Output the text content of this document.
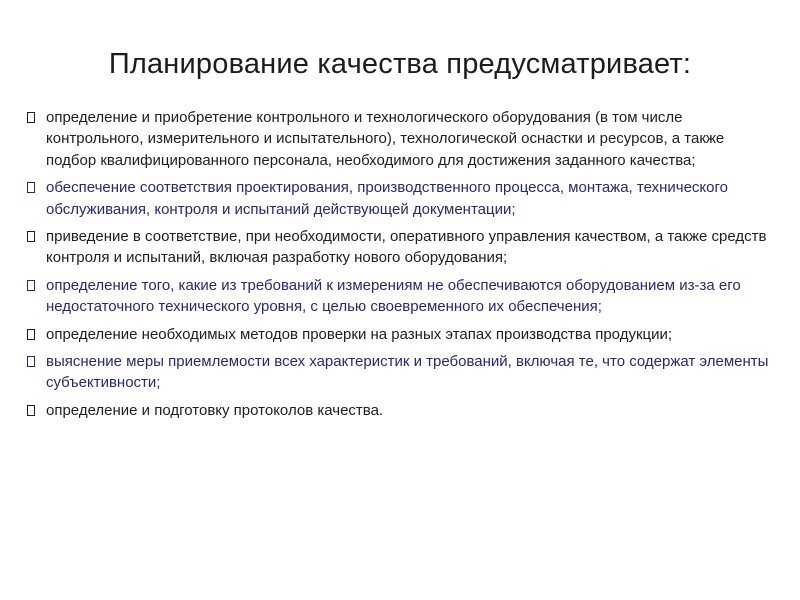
Планирование качества предусматривает:
определение и приобретение контрольного и технологического оборудования (в том числе контрольного, измерительного и испытательного), технологической оснастки и ресурсов, а также подбор квалифицированного персонала, необходимого для достижения заданного качества;
обеспечение соответствия проектирования, производственного процесса, монтажа, технического обслуживания, контроля и испытаний действующей документации;
приведение в соответствие, при необходимости, оперативного управления качеством, а также средств контроля и испытаний, включая разработку нового оборудования;
определение того, какие из требований к измерениям не обеспечиваются оборудованием из-за его недостаточного технического уровня, с целью своевременного их обеспечения;
определение необходимых методов проверки на разных этапах производства продукции;
выяснение меры приемлемости всех характеристик и требований, включая те, что содержат элементы субъективности;
определение и подготовку протоколов качества.
